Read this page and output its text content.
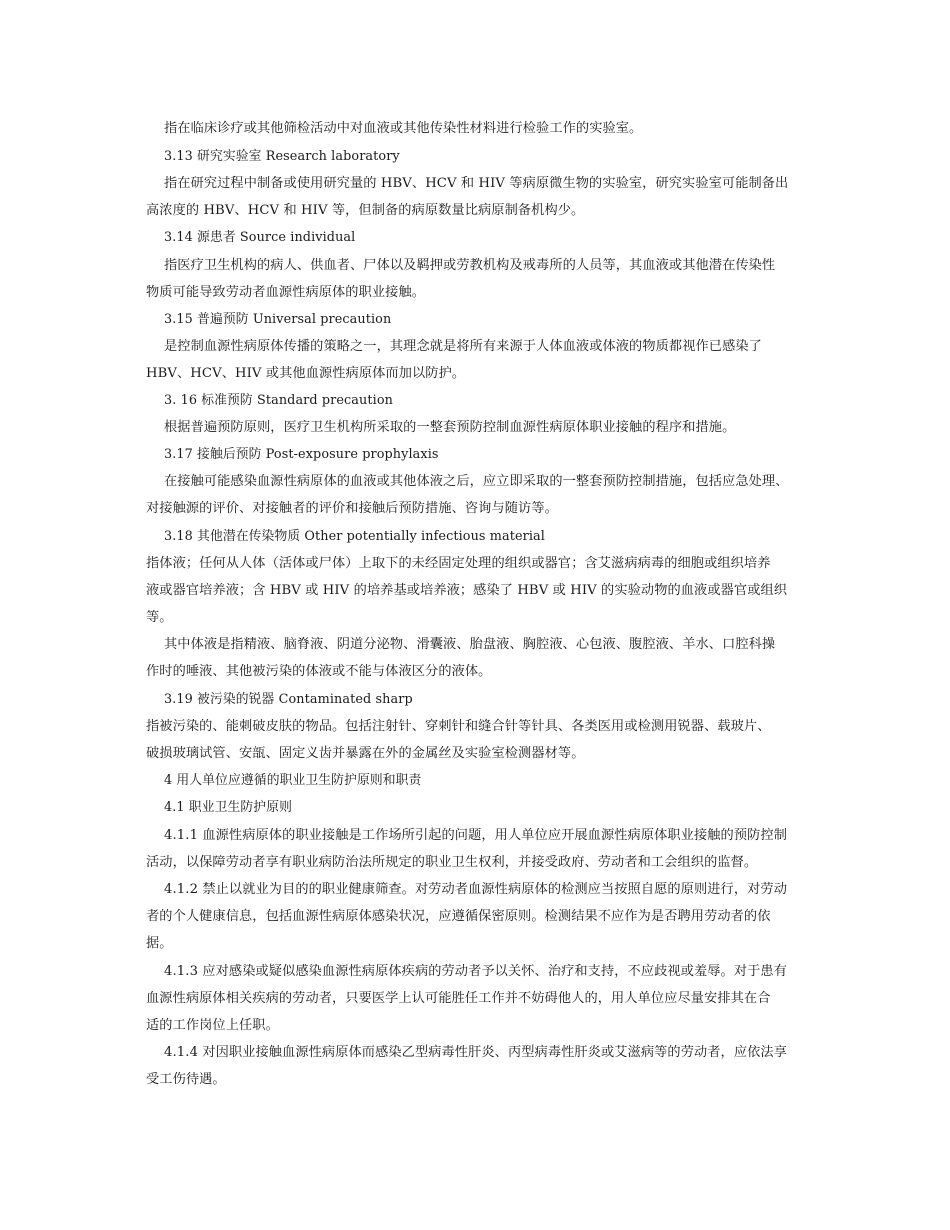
指在临床诊疗或其他筛检活动中对血液或其他传染性材料进行检验工作的实验室。
3.13 研究实验室 Research laboratory
指在研究过程中制备或使用研究量的 HBV、HCV 和 HIV 等病原微生物的实验室，研究实验室可能制备出
高浓度的 HBV、HCV 和 HIV 等，但制备的病原数量比病原制备机构少。
3.14 源患者 Source individual
指医疗卫生机构的病人、供血者、尸体以及羁押或劳教机构及戒毒所的人员等，其血液或其他潜在传染性
物质可能导致劳动者血源性病原体的职业接触。
3.15 普遍预防 Universal precaution
是控制血源性病原体传播的策略之一，其理念就是将所有来源于人体血液或体液的物质都视作已感染了
HBV、HCV、HIV 或其他血源性病原体而加以防护。
3. 16 标准预防 Standard precaution
根据普遍预防原则，医疗卫生机构所采取的一整套预防控制血源性病原体职业接触的程序和措施。
3.17 接触后预防 Post-exposure prophylaxis
在接触可能感染血源性病原体的血液或其他体液之后，应立即采取的一整套预防控制措施，包括应急处理、
对接触源的评价、对接触者的评价和接触后预防措施、咨询与随访等。
3.18 其他潜在传染物质 Other potentially infectious material
指体液；任何从人体（活体或尸体）上取下的未经固定处理的组织或器官；含艾滋病病毒的细胞或组织培养
液或器官培养液；含 HBV 或 HIV 的培养基或培养液；感染了 HBV 或 HIV 的实验动物的血液或器官或组织
等。
其中体液是指精液、脑脊液、阴道分泌物、滑囊液、胎盘液、胸腔液、心包液、腹腔液、羊水、口腔科操
作时的唾液、其他被污染的体液或不能与体液区分的液体。
3.19 被污染的锐器 Contaminated sharp
指被污染的、能刺破皮肤的物品。包括注射针、穿刺针和缝合针等针具、各类医用或检测用锐器、载玻片、
破损玻璃试管、安瓿、固定义齿并暴露在外的金属丝及实验室检测器材等。
4 用人单位应遵循的职业卫生防护原则和职责
4.1 职业卫生防护原则
4.1.1 血源性病原体的职业接触是工作场所引起的问题，用人单位应开展血源性病原体职业接触的预防控制
活动，以保障劳动者享有职业病防治法所规定的职业卫生权利，并接受政府、劳动者和工会组织的监督。
4.1.2 禁止以就业为目的的职业健康筛查。对劳动者血源性病原体的检测应当按照自愿的原则进行，对劳动
者的个人健康信息，包括血源性病原体感染状况，应遵循保密原则。检测结果不应作为是否聘用劳动者的依
据。
4.1.3 应对感染或疑似感染血源性病原体疾病的劳动者予以关怀、治疗和支持，不应歧视或羞辱。对于患有
血源性病原体相关疾病的劳动者，只要医学上认可能胜任工作并不妨碍他人的，用人单位应尽量安排其在合
适的工作岗位上任职。
4.1.4 对因职业接触血源性病原体而感染乙型病毒性肝炎、丙型病毒性肝炎或艾滋病等的劳动者，应依法享
受工伤待遇。
